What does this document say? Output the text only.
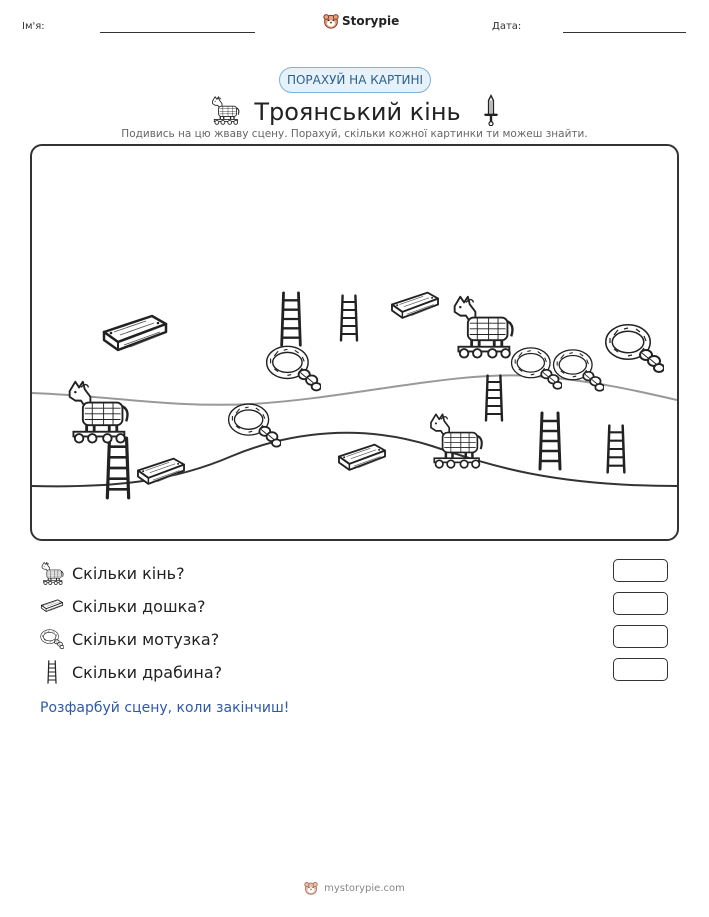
Ім'я:	Storypie	Дата:
ПОРАХУЙ НА КАРТИНІ
Троянський кінь
Подивись на цю жваву сцену. Порахуй, скільки кожної картинки ти можеш знайти.
Скільки кінь?
Скільки дошка?
Скільки мотузка?
Скільки драбина?
Розфарбуй сцену, коли закінчиш!
mystorypie.com
